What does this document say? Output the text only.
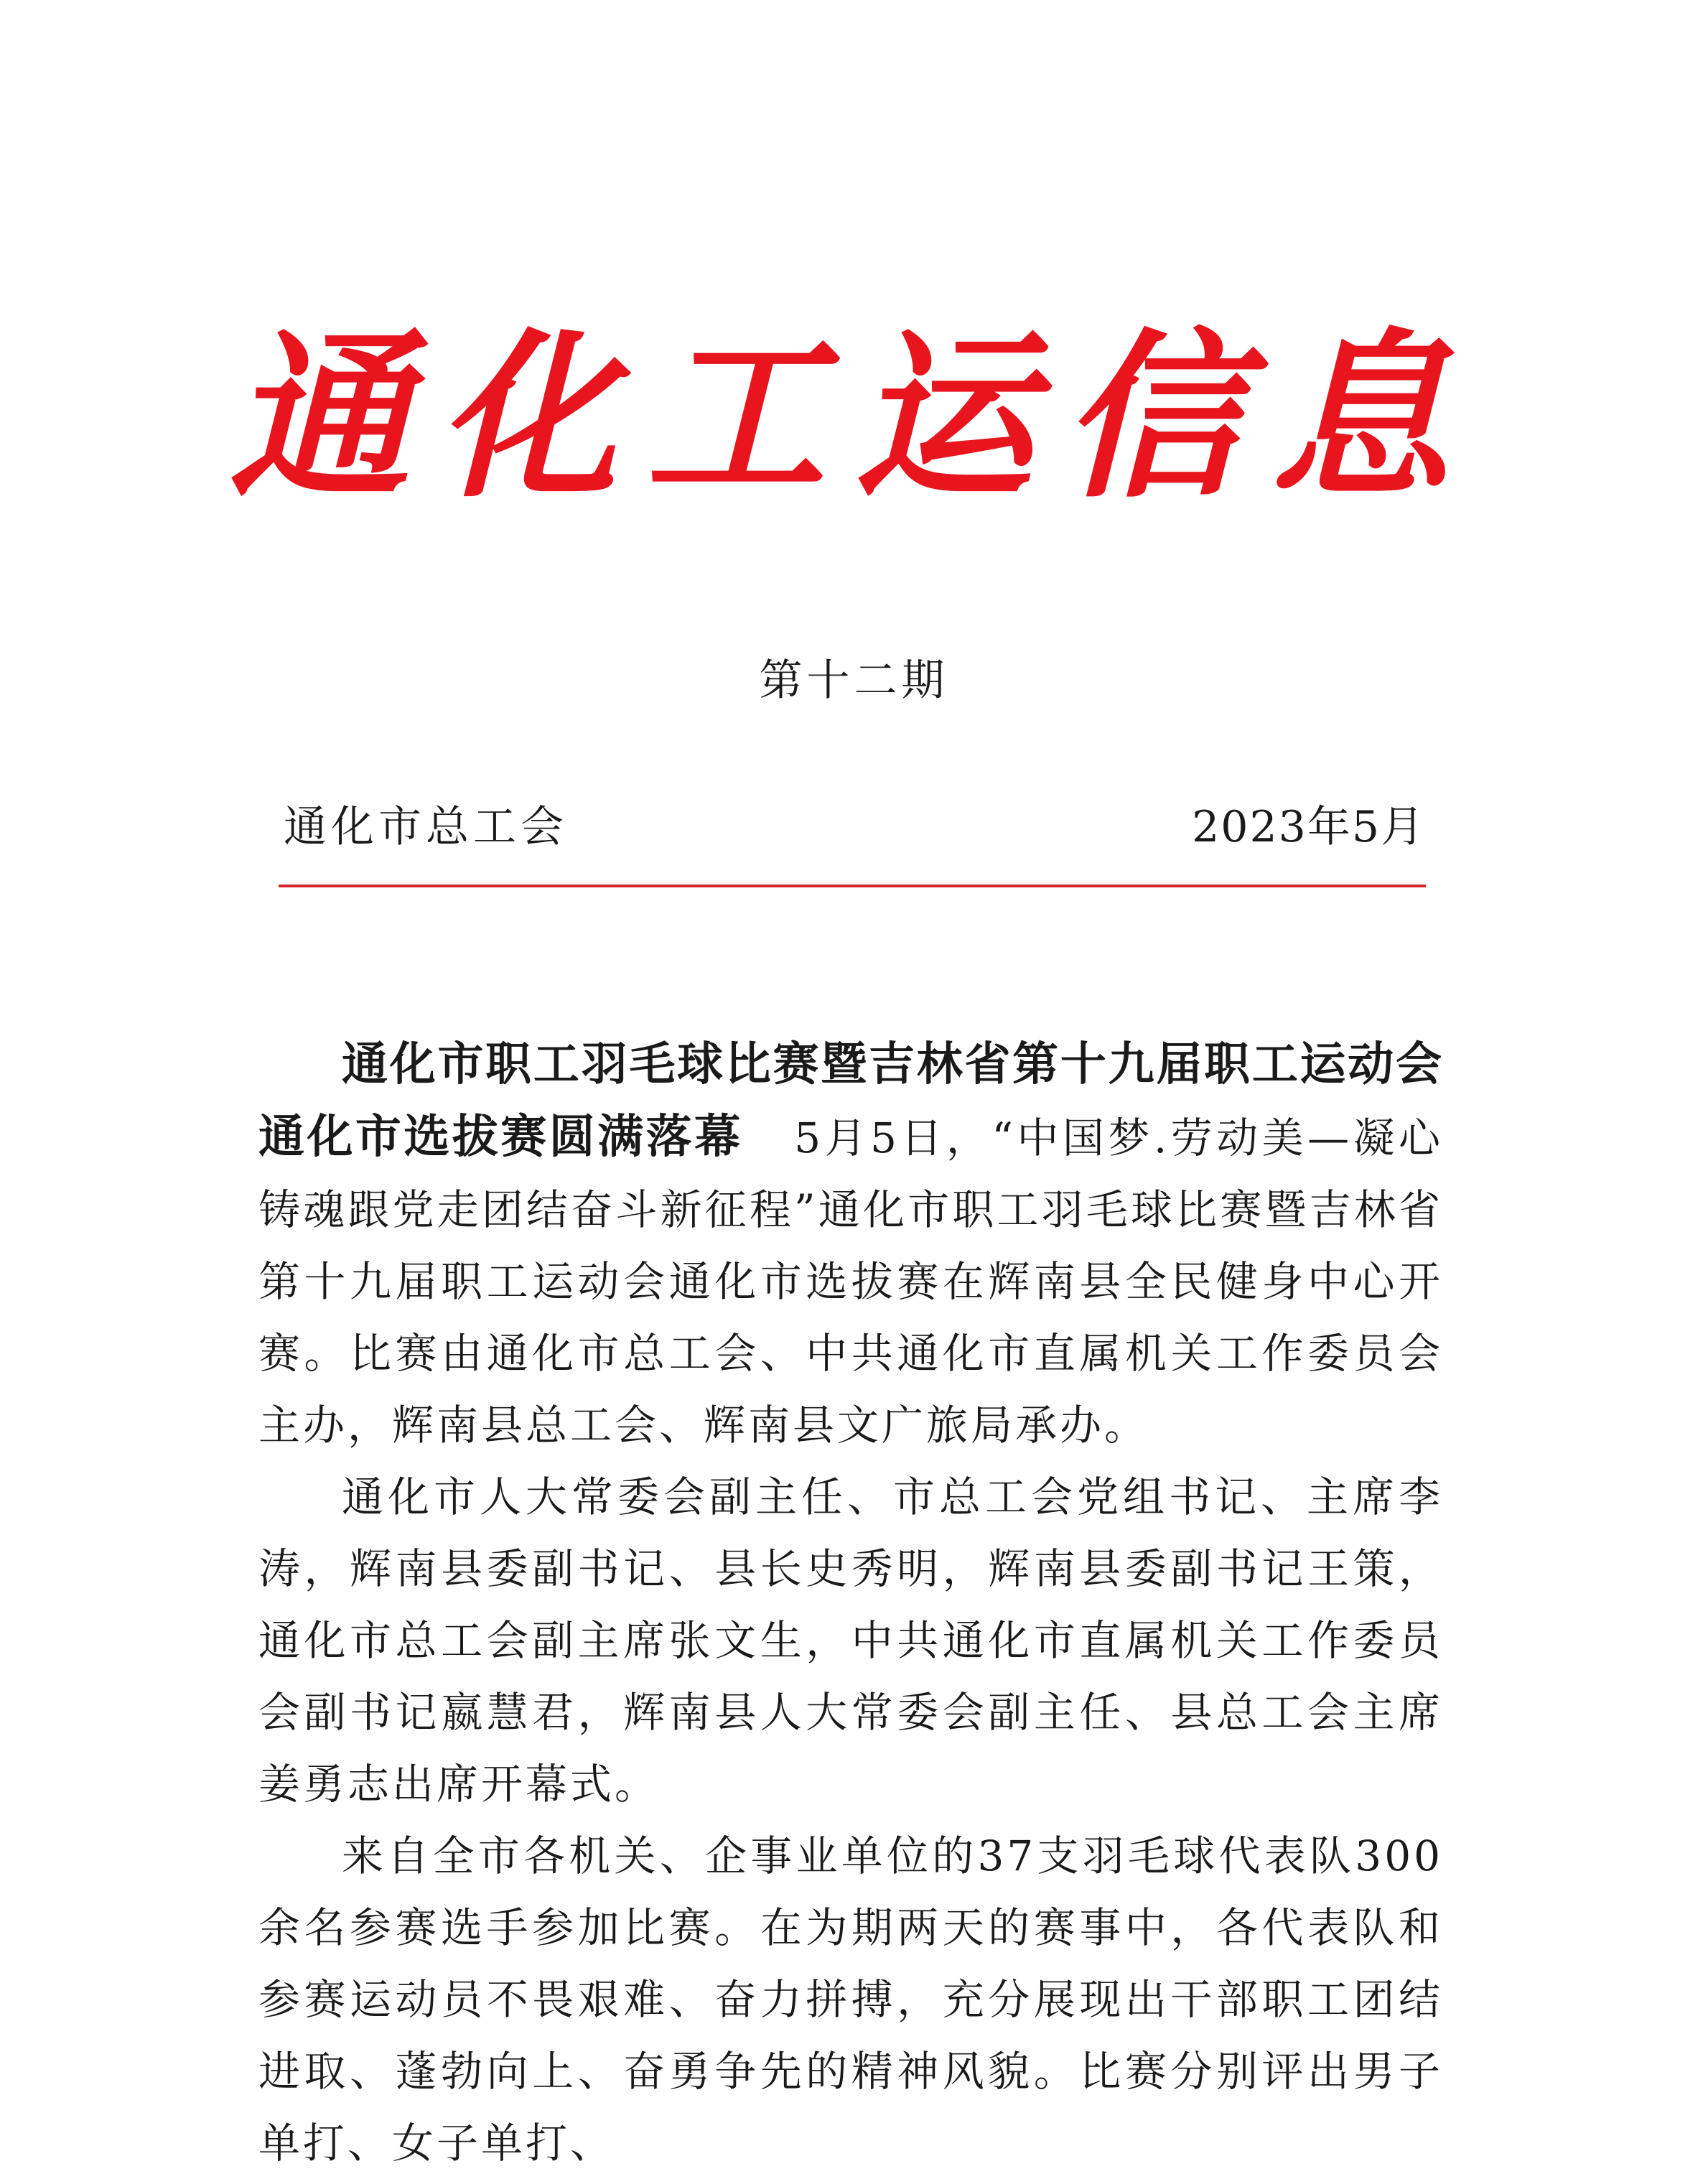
通化工运信息
第十二期
通化市总工会	2023年5月

通化市职工羽毛球比赛暨吉林省第十九届职工运动会通化市选拔赛圆满落幕 5月5日，“中国梦.劳动美—凝心铸魂跟党走团结奋斗新征程”通化市职工羽毛球比赛暨吉林省第十九届职工运动会通化市选拔赛在辉南县全民健身中心开赛。比赛由通化市总工会、中共通化市直属机关工作委员会主办，辉南县总工会、辉南县文广旅局承办。

通化市人大常委会副主任、市总工会党组书记、主席李涛，辉南县委副书记、县长史秀明，辉南县委副书记王策，通化市总工会副主席张文生，中共通化市直属机关工作委员会副书记嬴慧君，辉南县人大常委会副主任、县总工会主席姜勇志出席开幕式。

来自全市各机关、企事业单位的37支羽毛球代表队300余名参赛选手参加比赛。在为期两天的赛事中，各代表队和参赛运动员不畏艰难、奋力拼搏，充分展现出干部职工团结进取、蓬勃向上、奋勇争先的精神风貌。比赛分别评出男子单打、女子单打、
